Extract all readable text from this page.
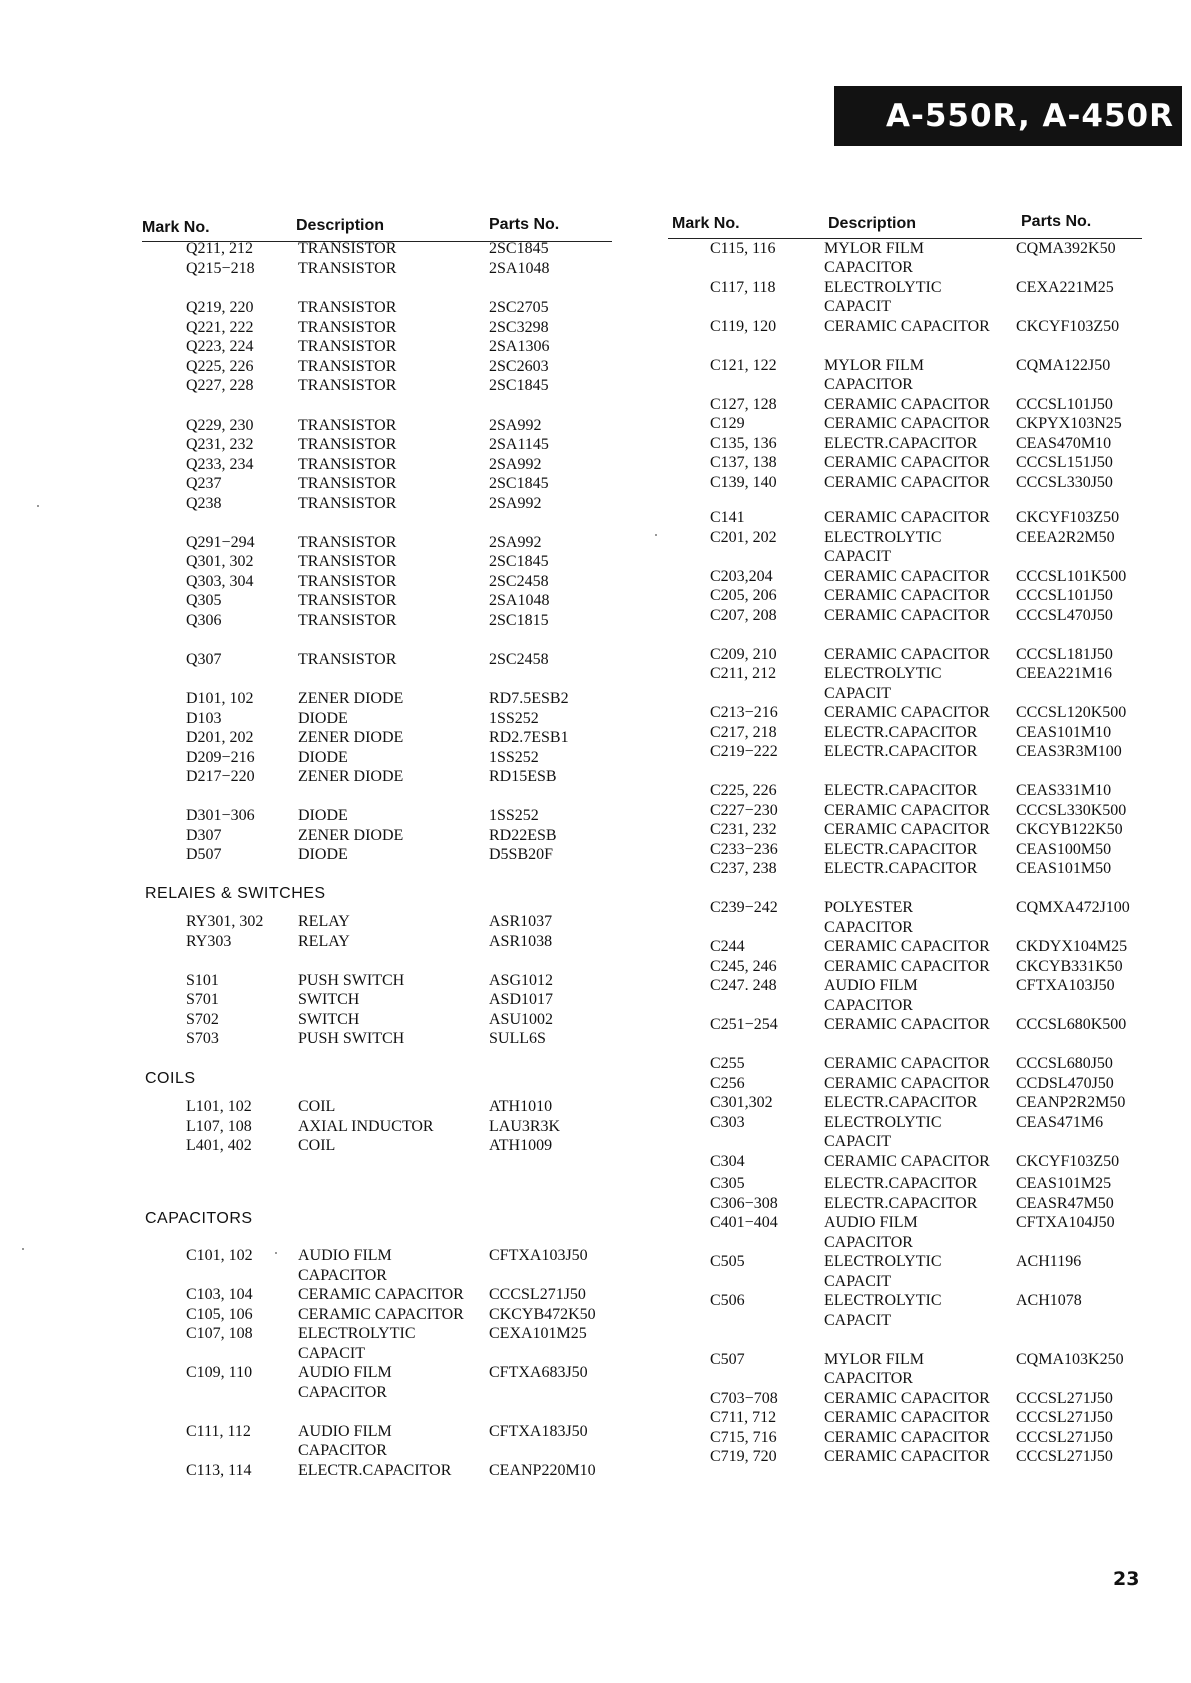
A-550R, A-450R
Mark No.	Description	Parts No.	Mark No.	Description	Parts No.
Q211, 212	TRANSISTOR	2SC1845
Q215−218	TRANSISTOR	2SA1048
Q219, 220	TRANSISTOR	2SC2705
Q221, 222	TRANSISTOR	2SC3298
Q223, 224	TRANSISTOR	2SA1306
Q225, 226	TRANSISTOR	2SC2603
Q227, 228	TRANSISTOR	2SC1845
Q229, 230	TRANSISTOR	2SA992
Q231, 232	TRANSISTOR	2SA1145
Q233, 234	TRANSISTOR	2SA992
Q237	TRANSISTOR	2SC1845
Q238	TRANSISTOR	2SA992
Q291−294	TRANSISTOR	2SA992
Q301, 302	TRANSISTOR	2SC1845
Q303, 304	TRANSISTOR	2SC2458
Q305	TRANSISTOR	2SA1048
Q306	TRANSISTOR	2SC1815
Q307	TRANSISTOR	2SC2458
D101, 102	ZENER DIODE	RD7.5ESB2
D103	DIODE	1SS252
D201, 202	ZENER DIODE	RD2.7ESB1
D209−216	DIODE	1SS252
D217−220	ZENER DIODE	RD15ESB
D301−306	DIODE	1SS252
D307	ZENER DIODE	RD22ESB
D507	DIODE	D5SB20F
RY301, 302 RELAY	ASR1037
RY303	RELAY	ASR1038
S101	PUSH SWITCH	ASG1012
S701	SWITCH	ASD1017
S702	SWITCH	ASU1002
S703	PUSH SWITCH	SULL6S
L101, 102	COIL	ATH1010
L107, 108	AXIAL INDUCTOR	LAU3R3K
L401, 402	COIL	ATH1009
C101, 102	AUDIO FILM	CFTXA103J50
CAPACITOR
C103, 104	CERAMIC CAPACITOR CCCSL271J50
C105, 106	CERAMIC CAPACITOR CKCYB472K50
C107, 108	ELECTROLYTIC	CEXA101M25
CAPACIT
C109, 110	AUDIO FILM	CFTXA683J50
CAPACITOR
C111, 112	AUDIO FILM	CFTXA183J50
CAPACITOR
C113, 114	ELECTR.CAPACITOR CEANP220M10
RELAIES & SWITCHES
COILS
CAPACITORS
C115, 116	MYLOR FILM	CQMA392K50
CAPACITOR
C117, 118	ELECTROLYTIC	CEXA221M25
CAPACIT
C119, 120	CERAMIC CAPACITOR CKCYF103Z50
C121, 122	MYLOR FILM	CQMA122J50
CAPACITOR
C127, 128	CERAMIC CAPACITOR CCCSL101J50
C129	CERAMIC CAPACITOR CKPYX103N25
C135, 136	ELECTR.CAPACITOR CEAS470M10
C137, 138	CERAMIC CAPACITOR CCCSL151J50
C139, 140	CERAMIC CAPACITOR CCCSL330J50
C141	CERAMIC CAPACITOR CKCYF103Z50
C201, 202	ELECTROLYTIC	CEEA2R2M50
CAPACIT
C203,204	CERAMIC CAPACITOR CCCSL101K500
C205, 206	CERAMIC CAPACITOR CCCSL101J50
C207, 208	CERAMIC CAPACITOR CCCSL470J50
C209, 210	CERAMIC CAPACITOR CCCSL181J50
C211, 212	ELECTROLYTIC	CEEA221M16
CAPACIT
C213−216	CERAMIC CAPACITOR CCCSL120K500
C217, 218	ELECTR.CAPACITOR CEAS101M10
C219−222	ELECTR.CAPACITOR CEAS3R3M100
C225, 226	ELECTR.CAPACITOR CEAS331M10
C227−230	CERAMIC CAPACITOR CCCSL330K500
C231, 232	CERAMIC CAPACITOR CKCYB122K50
C233−236	ELECTR.CAPACITOR CEAS100M50
C237, 238	ELECTR.CAPACITOR CEAS101M50
C239−242	POLYESTER	CQMXA472J100
CAPACITOR
C244	CERAMIC CAPACITOR CKDYX104M25
C245, 246	CERAMIC CAPACITOR CKCYB331K50
C247. 248	AUDIO FILM	CFTXA103J50
CAPACITOR
C251−254	CERAMIC CAPACITOR CCCSL680K500
C255	CERAMIC CAPACITOR CCCSL680J50
C256	CERAMIC CAPACITOR CCDSL470J50
C301,302	ELECTR.CAPACITOR CEANP2R2M50
C303	ELECTROLYTIC	CEAS471M6
CAPACIT
C304	CERAMIC CAPACITOR CKCYF103Z50
C305	ELECTR.CAPACITOR CEAS101M25
C306−308	ELECTR.CAPACITOR CEASR47M50
C401−404	AUDIO FILM	CFTXA104J50
CAPACITOR
C505	ELECTROLYTIC	ACH1196
CAPACIT
C506	ELECTROLYTIC	ACH1078
CAPACIT
C507	MYLOR FILM	CQMA103K250
CAPACITOR
C703−708	CERAMIC CAPACITOR CCCSL271J50
C711, 712	CERAMIC CAPACITOR CCCSL271J50
C715, 716	CERAMIC CAPACITOR CCCSL271J50
C719, 720	CERAMIC CAPACITOR CCCSL271J50
23
